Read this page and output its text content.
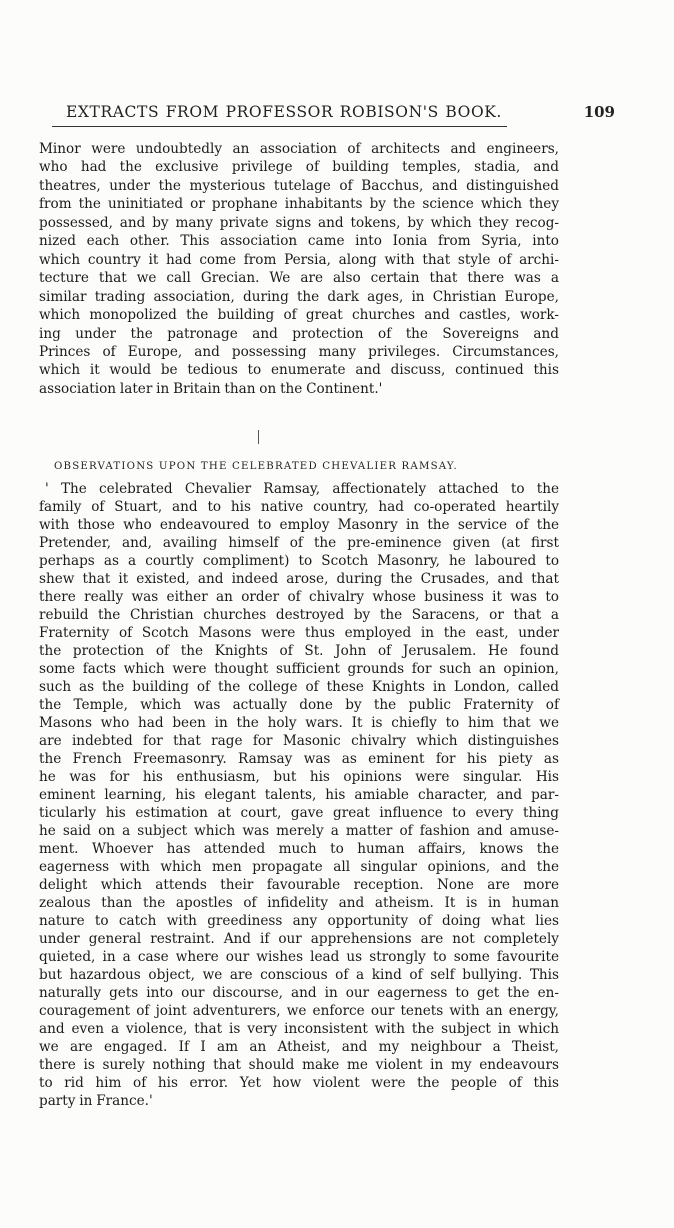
EXTRACTS FROM PROFESSOR ROBISON'S BOOK.	109
Minor were undoubtedly an association of architects and engineers,
who had the exclusive privilege of building temples, stadia, and
theatres, under the mysterious tutelage of Bacchus, and distinguished
from the uninitiated or prophane inhabitants by the science which they
possessed, and by many private signs and tokens, by which they recog-
nized each other. This association came into Ionia from Syria, into
which country it had come from Persia, along with that style of archi-
tecture that we call Grecian. We are also certain that there was a
similar trading association, during the dark ages, in Christian Europe,
which monopolized the building of great churches and castles, work-
ing under the patronage and protection of the Sovereigns and
Princes of Europe, and possessing many privileges. Circumstances,
which it would be tedious to enumerate and discuss, continued this
association later in Britain than on the Continent.'
OBSERVATIONS UPON THE CELEBRATED CHEVALIER RAMSAY.
' The celebrated Chevalier Ramsay, affectionately attached to the
family of Stuart, and to his native country, had co-operated heartily
with those who endeavoured to employ Masonry in the service of the
Pretender, and, availing himself of the pre-eminence given (at first
perhaps as a courtly compliment) to Scotch Masonry, he laboured to
shew that it existed, and indeed arose, during the Crusades, and that
there really was either an order of chivalry whose business it was to
rebuild the Christian churches destroyed by the Saracens, or that a
Fraternity of Scotch Masons were thus employed in the east, under
the protection of the Knights of St. John of Jerusalem. He found
some facts which were thought sufficient grounds for such an opinion,
such as the building of the college of these Knights in London, called
the Temple, which was actually done by the public Fraternity of
Masons who had been in the holy wars. It is chiefly to him that we
are indebted for that rage for Masonic chivalry which distinguishes
the French Freemasonry. Ramsay was as eminent for his piety as
he was for his enthusiasm, but his opinions were singular. His
eminent learning, his elegant talents, his amiable character, and par-
ticularly his estimation at court, gave great influence to every thing
he said on a subject which was merely a matter of fashion and amuse-
ment. Whoever has attended much to human affairs, knows the
eagerness with which men propagate all singular opinions, and the
delight which attends their favourable reception. None are more
zealous than the apostles of infidelity and atheism. It is in human
nature to catch with greediness any opportunity of doing what lies
under general restraint. And if our apprehensions are not completely
quieted, in a case where our wishes lead us strongly to some favourite
but hazardous object, we are conscious of a kind of self bullying. This
naturally gets into our discourse, and in our eagerness to get the en-
couragement of joint adventurers, we enforce our tenets with an energy,
and even a violence, that is very inconsistent with the subject in which
we are engaged. If I am an Atheist, and my neighbour a Theist,
there is surely nothing that should make me violent in my endeavours
to rid him of his error. Yet how violent were the people of this
party in France.'
